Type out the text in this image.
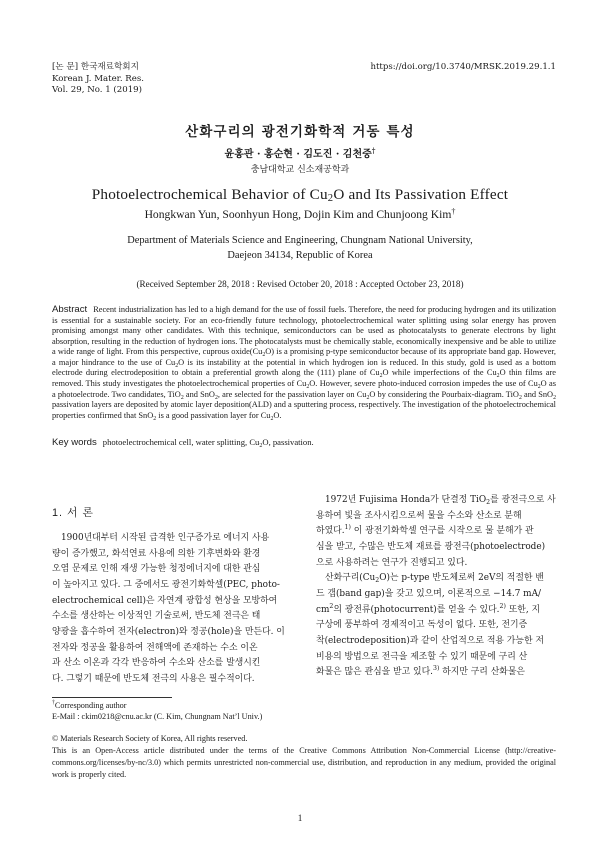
[논 문] 한국재료학회지
Korean J. Mater. Res.
Vol. 29, No. 1 (2019)
https://doi.org/10.3740/MRSK.2019.29.1.1
산화구리의 광전기화학적 거동 특성
윤홍관 · 홍순현 · 김도진 · 김천중†
충남대학교 신소재공학과
Photoelectrochemical Behavior of $Cu_2O$ and Its Passivation Effect
Hongkwan Yun, Soonhyun Hong, Dojin Kim and Chunjoong Kim†
Department of Materials Science and Engineering, Chungnam National University,
Daejeon 34134, Republic of Korea
(Received September 28, 2018 : Revised October 20, 2018 : Accepted October 23, 2018)
Abstract Recent industrialization has led to a high demand for the use of fossil fuels. Therefore, the need for producing hydrogen and its utilization is essential for a sustainable society. For an eco-friendly future technology, photoelectrochemical water splitting using solar energy has proven promising amongst many other candidates. With this technique, semiconductors can be used as photocatalysts to generate electrons by light absorption, resulting in the reduction of hydrogen ions. The photocatalysts must be chemically stable, economically inexpensive and be able to utilize a wide range of light. From this perspective, cuprous $oxide(Cu_2O)$ is a promising p-type semiconductor because of its appropriate band gap. However, a major hindrance to the use of $Cu_2O$ is its instability at the potential in which hydrogen ion is reduced. In this study, gold is used as a bottom electrode during electrodeposition to obtain a preferential growth along the (111) plane of $Cu_2O$ while imperfections of the $Cu_2O$ thin films are removed. This study investigates the photoelectrochemical properties of $Cu_2O$. However, severe photo-induced corrosion impedes the use of $Cu_2O$ as a photoelectrode. Two candidates, TiO$_2$ and SnO$_2$, are selected for the passivation layer on $Cu_2O$ by considering the Pourbaix-diagram. TiO$_2$ and SnO$_2$ passivation layers are deposited by atomic layer deposition(ALD) and a sputtering process, respectively. The investigation of the photoelectrochemical properties confirmed that SnO$_2$ is a good passivation layer for $Cu_2O$.
Key words photoelectrochemical cell, water splitting, $Cu_2O$, passivation.
1. 서 론
1900년대부터 시작된 급격한 인구증가로 에너지 사용
량이 증가했고, 화석연료 사용에 의한 기후변화와 환경
오염 문제로 인해 재생 가능한 청정에너지에 대한 관심
이 높아지고 있다. 그 중에서도 광전기화학셀(PEC, photo-
electrochemical cell)은 자연계 광합성 현상을 모방하여
수소를 생산하는 이상적인 기술로써, 반도체 전극은 태
양광을 흡수하여 전자(electron)와 정공(hole)을 만든다. 이
전자와 정공을 활용하여 전해액에 존재하는 수소 이온
과 산소 이온과 각각 반응하여 수소와 산소를 발생시킨
다. 그렇기 때문에 반도체 전극의 사용은 필수적이다.
1972년 Fujisima Honda가 단결정 TiO$_2$를 광전극으로 사
용하여 빛을 조사시킴으로써 물을 수소와 산소로 분해
하였다.$^{1)}$ 이 광전기화학셀 연구를 시작으로 물 분해가 관
심을 받고, 수많은 반도체 재료를 광전극(photoelectrode)
으로 사용하려는 연구가 진행되고 있다.
산화구리$(Cu_2O)$는 p-type 반도체로써 2eV의 적절한 밴
드 갭(band gap)을 갖고 있으며, 이론적으로 −14.7 mA/
$cm^2$의 광전류(photocurrent)를 얻을 수 있다.$^{2)}$ 또한, 지
구상에 풍부하여 경제적이고 독성이 없다. 또한, 전기증
착(electrodeposition)과 같이 산업적으로 적용 가능한 저
비용의 방법으로 전극을 제조할 수 있기 때문에 구리 산
화물은 많은 관심을 받고 있다.$^{3)}$ 하지만 구리 산화물은
†Corresponding author
E-Mail : ckim0218@cnu.ac.kr (C. Kim, Chungnam Nat’l Univ.)
© Materials Research Society of Korea, All rights reserved.
This is an Open-Access article distributed under the terms of the Creative Commons Attribution Non-Commercial License (http://creative-commons.org/licenses/by-nc/3.0) which permits unrestricted non-commercial use, distribution, and reproduction in any medium, provided the original work is properly cited.
1
